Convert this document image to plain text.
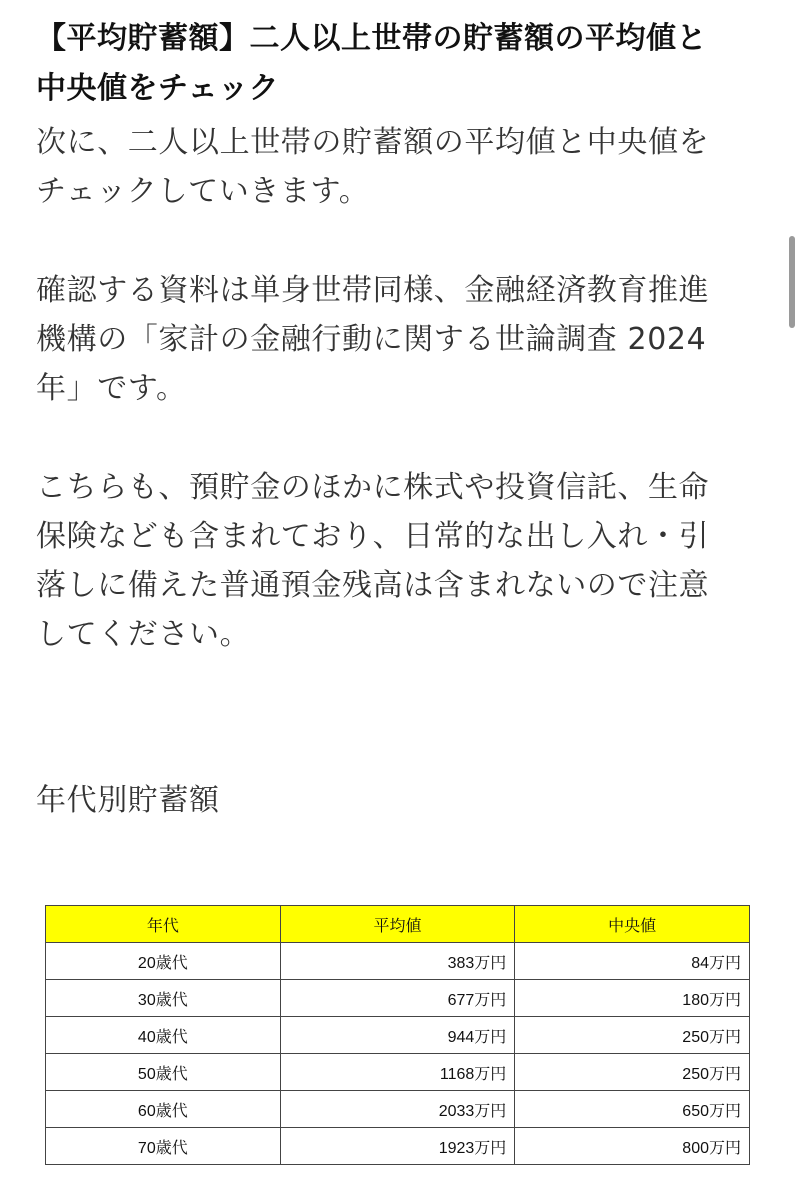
【平均貯蓄額】二人以上世帯の貯蓄額の平均値と
中央値をチェック

次に、二人以上世帯の貯蓄額の平均値と中央値を
チェックしていきます。

確認する資料は単身世帯同様、金融経済教育推進
機構の「家計の金融行動に関する世論調査 2024
年」です。

こちらも、預貯金のほかに株式や投資信託、生命
保険なども含まれており、日常的な出し入れ・引
落しに備えた普通預金残高は含まれないので注意
してください。

年代別貯蓄額

年代	平均値	中央値
20歳代	383万円	84万円
30歳代	677万円	180万円
40歳代	944万円	250万円
50歳代	1168万円	250万円
60歳代	2033万円	650万円
70歳代	1923万円	800万円
